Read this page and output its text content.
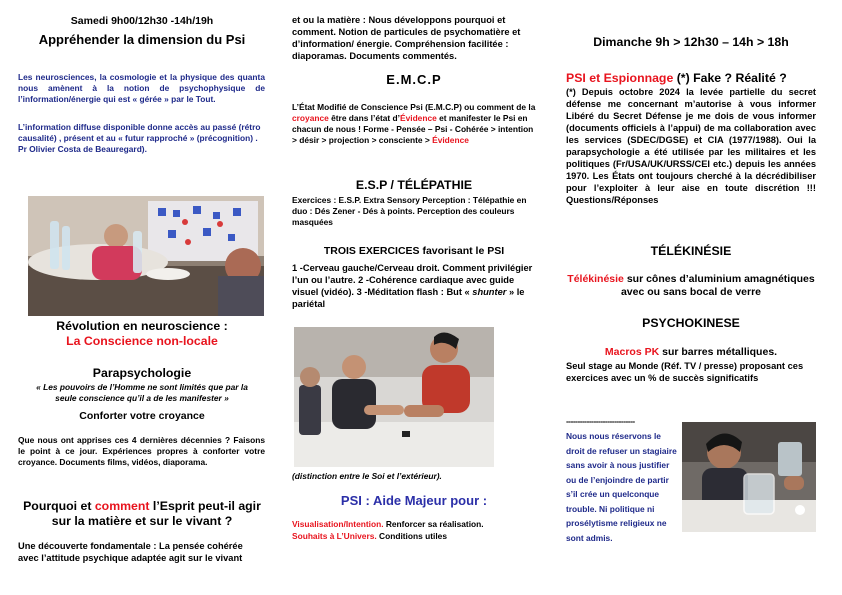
Samedi 9h00/12h30 -14h/19h

Appréhender la dimension du Psi

Les neurosciences, la cosmologie et la physique des quanta nous amènent à la notion de psychophysique de l’information/énergie qui est « gérée » par le Tout.

L’information diffuse disponible donne accès au passé (rétro causalité) , présent et au « futur rapproché » (précognition) . Pr Olivier Costa de Beauregard).

Révolution en neuroscience :

La Conscience non-locale

Parapsychologie

« Les pouvoirs de l’Homme ne sont limités que par la seule conscience qu’il a de les manifester »

Conforter votre croyance

Que nous ont apprises ces 4 dernières décennies ? Faisons le point à ce jour. Expériences propres à conforter votre croyance. Documents films, vidéos, diaporama.

Pourquoi et comment l’Esprit peut-il agir sur la matière et sur le vivant ?

Une découverte fondamentale : La pensée cohérée avec l’attitude psychique adaptée agit sur le vivant

et ou la matière : Nous développons pourquoi et comment. Notion de particules de psychomatière et d’information/ énergie. Compréhension facilitée : diaporamas. Documents commentés.

E.M.C.P

L’État Modifié de Conscience Psi (E.M.C.P) ou comment de la croyance être dans l’état d’Évidence et manifester le Psi en chacun de nous ! Forme - Pensée – Psi - Cohérée > intention > désir > projection > consciente > Évidence

E.S.P / TÉLÉPATHIE

Exercices : E.S.P. Extra Sensory Perception : Télépathie en duo : Dés Zener - Dés à points. Perception des couleurs masquées

TROIS EXERCICES favorisant le PSI

1 -Cerveau gauche/Cerveau droit. Comment privilégier l’un ou l’autre. 2 -Cohérence cardiaque avec guide visuel (vidéo). 3 -Méditation flash : But « shunter » le pariétal

(distinction entre le Soi et l’extérieur).

PSI : Aide Majeur pour :

Visualisation/Intention. Renforcer sa réalisation.

Souhaits à L’Univers. Conditions utiles

Dimanche 9h > 12h30 – 14h > 18h

PSI et Espionnage (*) Fake ? Réalité ?

(*) Depuis octobre 2024 la levée partielle du secret défense me concernant m’autorise à vous informer Libéré du Secret Défense je me dois de vous informer (documents officiels à l’appui) de ma collaboration avec les services (SDEC/DGSE) et CIA (1977/1988). Oui la parapsychologie a été utilisée par les militaires et les politiques (Fr/USA/UK/URSS/CEI etc.) depuis les années 1970. Les États ont toujours cherché à la décrédibiliser pour l’exploiter à leur aise en toute discrétion !!! Questions/Réponses

TÉLÉKINÉSIE

Télékinésie sur cônes d’aluminium amagnétiques avec ou sans bocal de verre

PSYCHOKINESE

Macros PK sur barres métalliques.

Seul stage au Monde (Réf. TV / presse) proposant ces exercices avec un % de succès significatifs

------------------------------

Nous nous réservons le droit de refuser un stagiaire sans avoir à nous justifier ou de l’enjoindre de partir s’il crée un quelconque trouble. Ni politique ni prosélytisme religieux ne sont admis.
